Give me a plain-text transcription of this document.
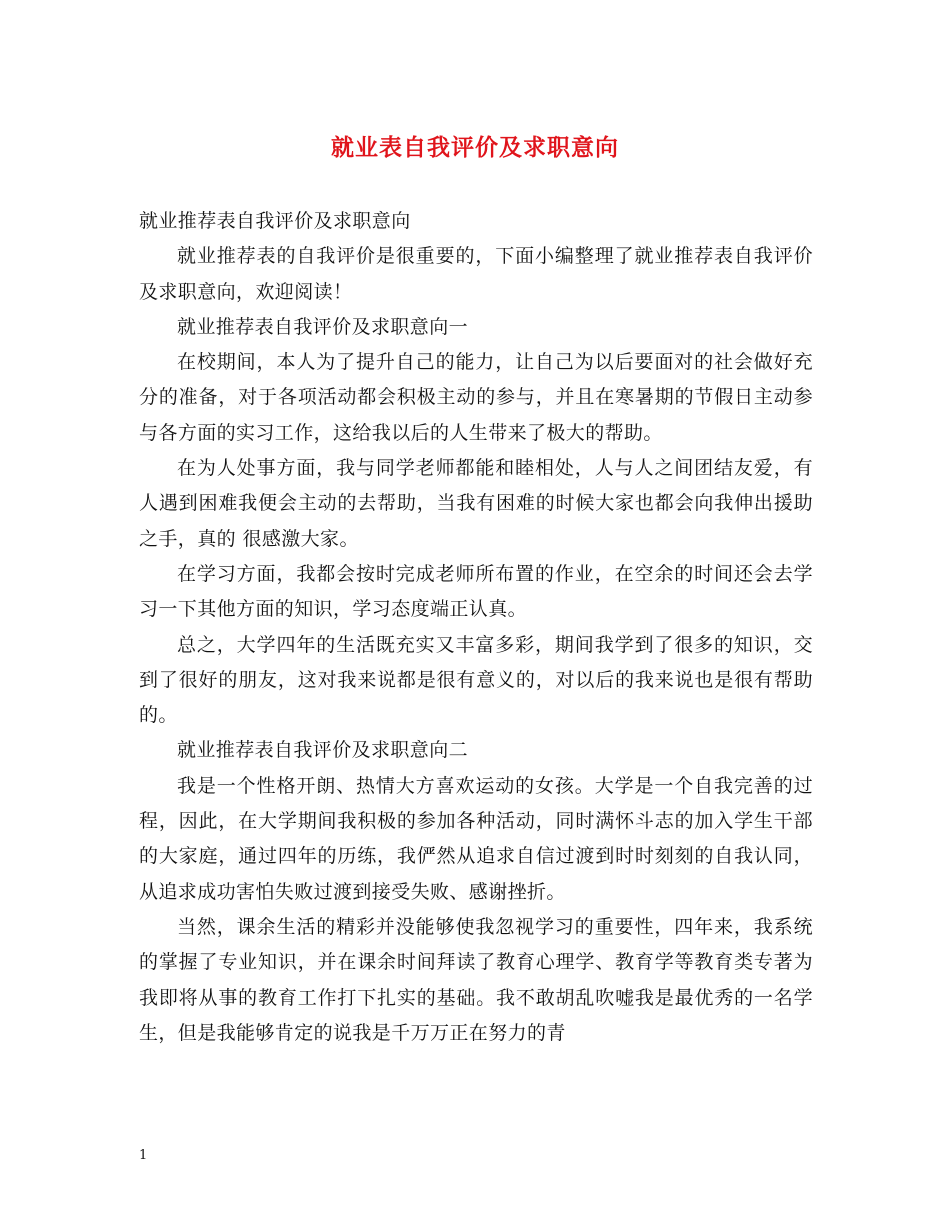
就业表自我评价及求职意向

就业推荐表自我评价及求职意向

就业推荐表的自我评价是很重要的，下面小编整理了就业推荐表自我评价及求职意向，欢迎阅读！

就业推荐表自我评价及求职意向一

在校期间，本人为了提升自己的能力，让自己为以后要面对的社会做好充分的准备，对于各项活动都会积极主动的参与，并且在寒暑期的节假日主动参与各方面的实习工作，这给我以后的人生带来了极大的帮助。

在为人处事方面，我与同学老师都能和睦相处，人与人之间团结友爱，有人遇到困难我便会主动的去帮助，当我有困难的时候大家也都会向我伸出援助之手，真的 很感激大家。

在学习方面，我都会按时完成老师所布置的作业，在空余的时间还会去学习一下其他方面的知识，学习态度端正认真。

总之，大学四年的生活既充实又丰富多彩，期间我学到了很多的知识，交到了很好的朋友，这对我来说都是很有意义的，对以后的我来说也是很有帮助的。

就业推荐表自我评价及求职意向二

我是一个性格开朗、热情大方喜欢运动的女孩。大学是一个自我完善的过程，因此，在大学期间我积极的参加各种活动，同时满怀斗志的加入学生干部的大家庭，通过四年的历练，我俨然从追求自信过渡到时时刻刻的自我认同，从追求成功害怕失败过渡到接受失败、感谢挫折。

当然，课余生活的精彩并没能够使我忽视学习的重要性，四年来，我系统的掌握了专业知识，并在课余时间拜读了教育心理学、教育学等教育类专著为我即将从事的教育工作打下扎实的基础。我不敢胡乱吹嘘我是最优秀的一名学生，但是我能够肯定的说我是千万万正在努力的青

1
